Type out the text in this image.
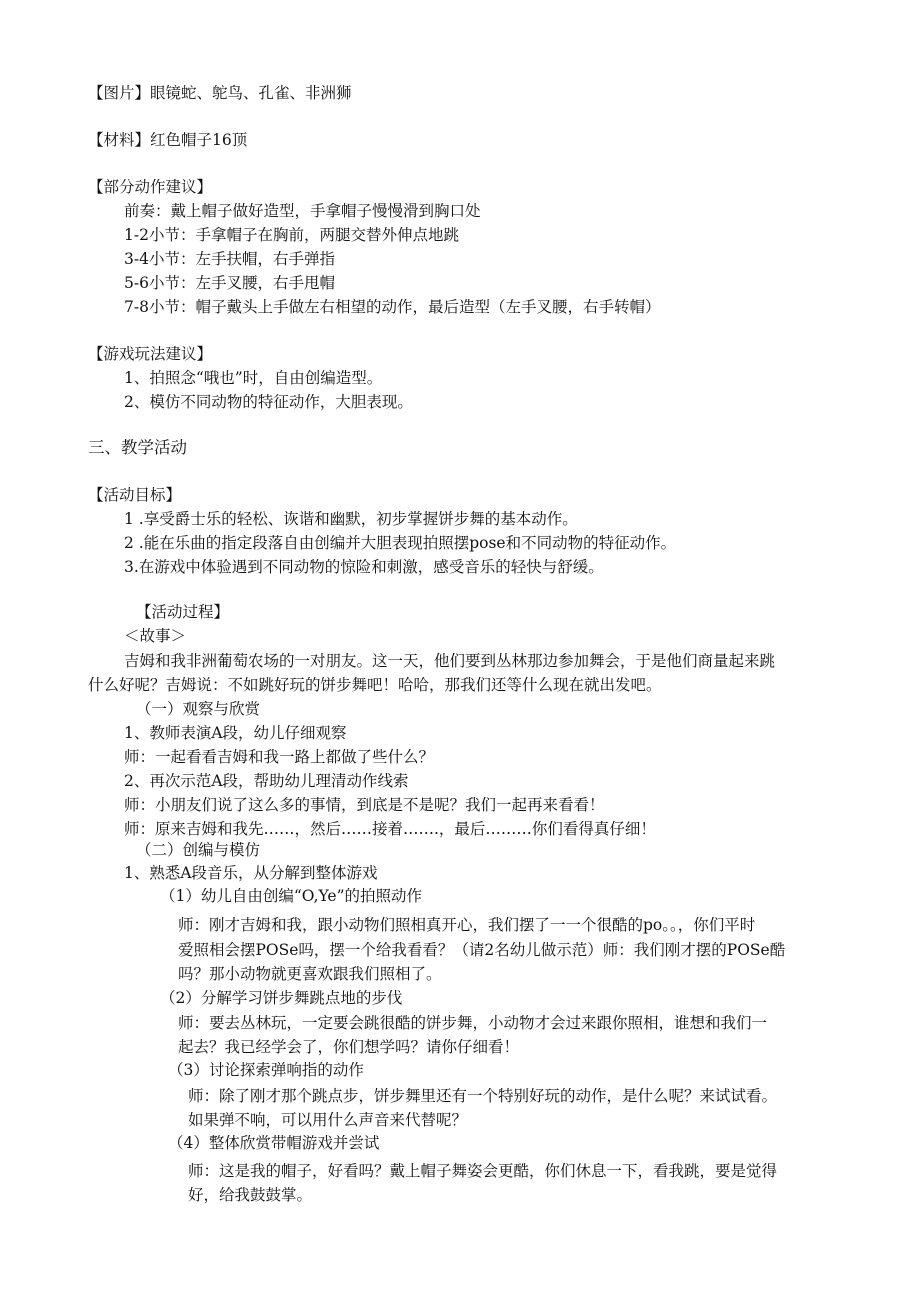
【图片】眼镜蛇、鸵鸟、孔雀、非洲狮
【材料】红色帽子16顶
【部分动作建议】
前奏：戴上帽子做好造型，手拿帽子慢慢滑到胸口处
1-2小节：手拿帽子在胸前，两腿交替外伸点地跳
3-4小节：左手扶帽，右手弹指
5-6小节：左手叉腰，右手甩帽
7-8小节：帽子戴头上手做左右相望的动作，最后造型（左手叉腰，右手转帽）
【游戏玩法建议】
1、拍照念“哦也”时，自由创编造型。
2、模仿不同动物的特征动作，大胆表现。
三、教学活动
【活动目标】
1 .享受爵士乐的轻松、诙谐和幽默，初步掌握饼步舞的基本动作。
2 .能在乐曲的指定段落自由创编并大胆表现拍照摆pose和不同动物的特征动作。
3.在游戏中体验遇到不同动物的惊险和刺激，感受音乐的轻快与舒缓。
【活动过程】
＜故事＞
吉姆和我非洲葡萄农场的一对朋友。这一天，他们要到丛林那边参加舞会，于是他们商量起来跳
什么好呢？吉姆说：不如跳好玩的饼步舞吧！哈哈，那我们还等什么现在就出发吧。
（一）观察与欣赏
1、教师表演A段，幼儿仔细观察
师：一起看看吉姆和我一路上都做了些什么？
2、再次示范A段，帮助幼儿理清动作线索
师：小朋友们说了这么多的事情，到底是不是呢？我们一起再来看看！
师：原来吉姆和我先……，然后……接着…….，最后………你们看得真仔细！
（二）创编与模仿
1、熟悉A段音乐，从分解到整体游戏
（1）幼儿自由创编“O,Ye”的拍照动作
师：刚才吉姆和我，跟小动物们照相真开心，我们摆了一一个很酷的po。。，你们平时
爱照相会摆POSe吗，摆一个给我看看？（请2名幼儿做示范）师：我们刚才摆的POSe酷
吗？那小动物就更喜欢跟我们照相了。
（2）分解学习饼步舞跳点地的步伐
师：要去丛林玩，一定要会跳很酷的饼步舞，小动物才会过来跟你照相，谁想和我们一
起去？我已经学会了，你们想学吗？请你仔细看！
（3）讨论探索弹响指的动作
师：除了刚才那个跳点步，饼步舞里还有一个特别好玩的动作，是什么呢？来试试看。
如果弹不响，可以用什么声音来代替呢？
（4）整体欣赏带帽游戏并尝试
师：这是我的帽子，好看吗？戴上帽子舞姿会更酷，你们休息一下，看我跳，要是觉得
好，给我鼓鼓掌。
